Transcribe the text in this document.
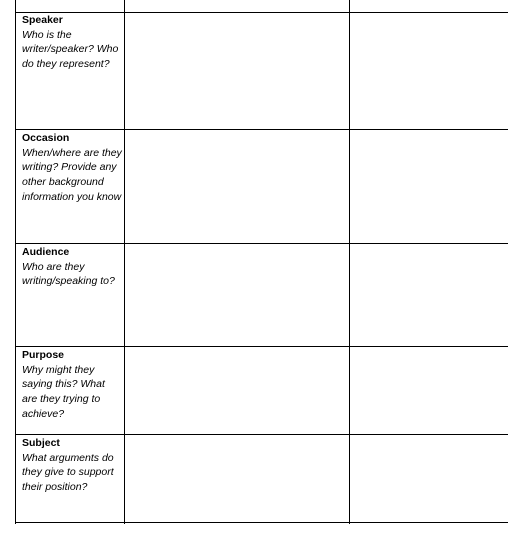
Speaker
Who is the writer/speaker? Who do they represent?
Occasion
When/where are they writing? Provide any other background information you know
Audience
Who are they writing/speaking to?
Purpose
Why might they saying this? What are they trying to achieve?
Subject
What arguments do they give to support their position?
